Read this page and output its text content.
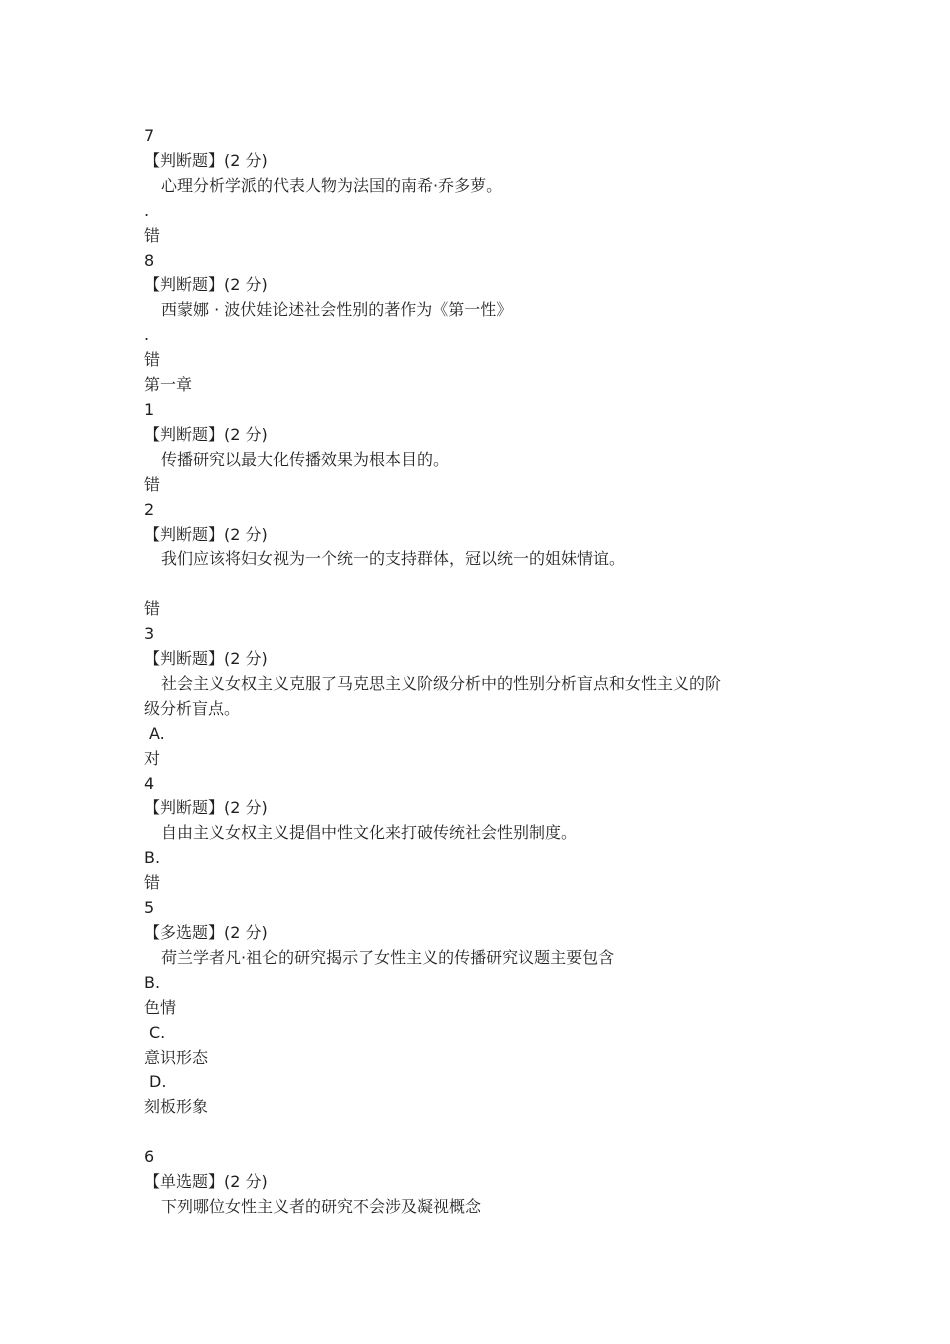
7
【判断题】(2 分)
心理分析学派的代表人物为法国的南希·乔多萝。
.
错
8
【判断题】(2 分)
西蒙娜 · 波伏娃论述社会性别的著作为《第一性》
.
错
第一章
1
【判断题】(2 分)
传播研究以最大化传播效果为根本目的。
错
2
【判断题】(2 分)
我们应该将妇女视为一个统一的支持群体，冠以统一的姐妹情谊。
错
3
【判断题】(2 分)
社会主义女权主义克服了马克思主义阶级分析中的性别分析盲点和女性主义的阶
级分析盲点。
A.
对
4
【判断题】(2 分)
自由主义女权主义提倡中性文化来打破传统社会性别制度。
B.
错
5
【多选题】(2 分)
荷兰学者凡·祖仑的研究揭示了女性主义的传播研究议题主要包含
B.
色情
C.
意识形态
D.
刻板形象
6
【单选题】(2 分)
下列哪位女性主义者的研究不会涉及凝视概念
